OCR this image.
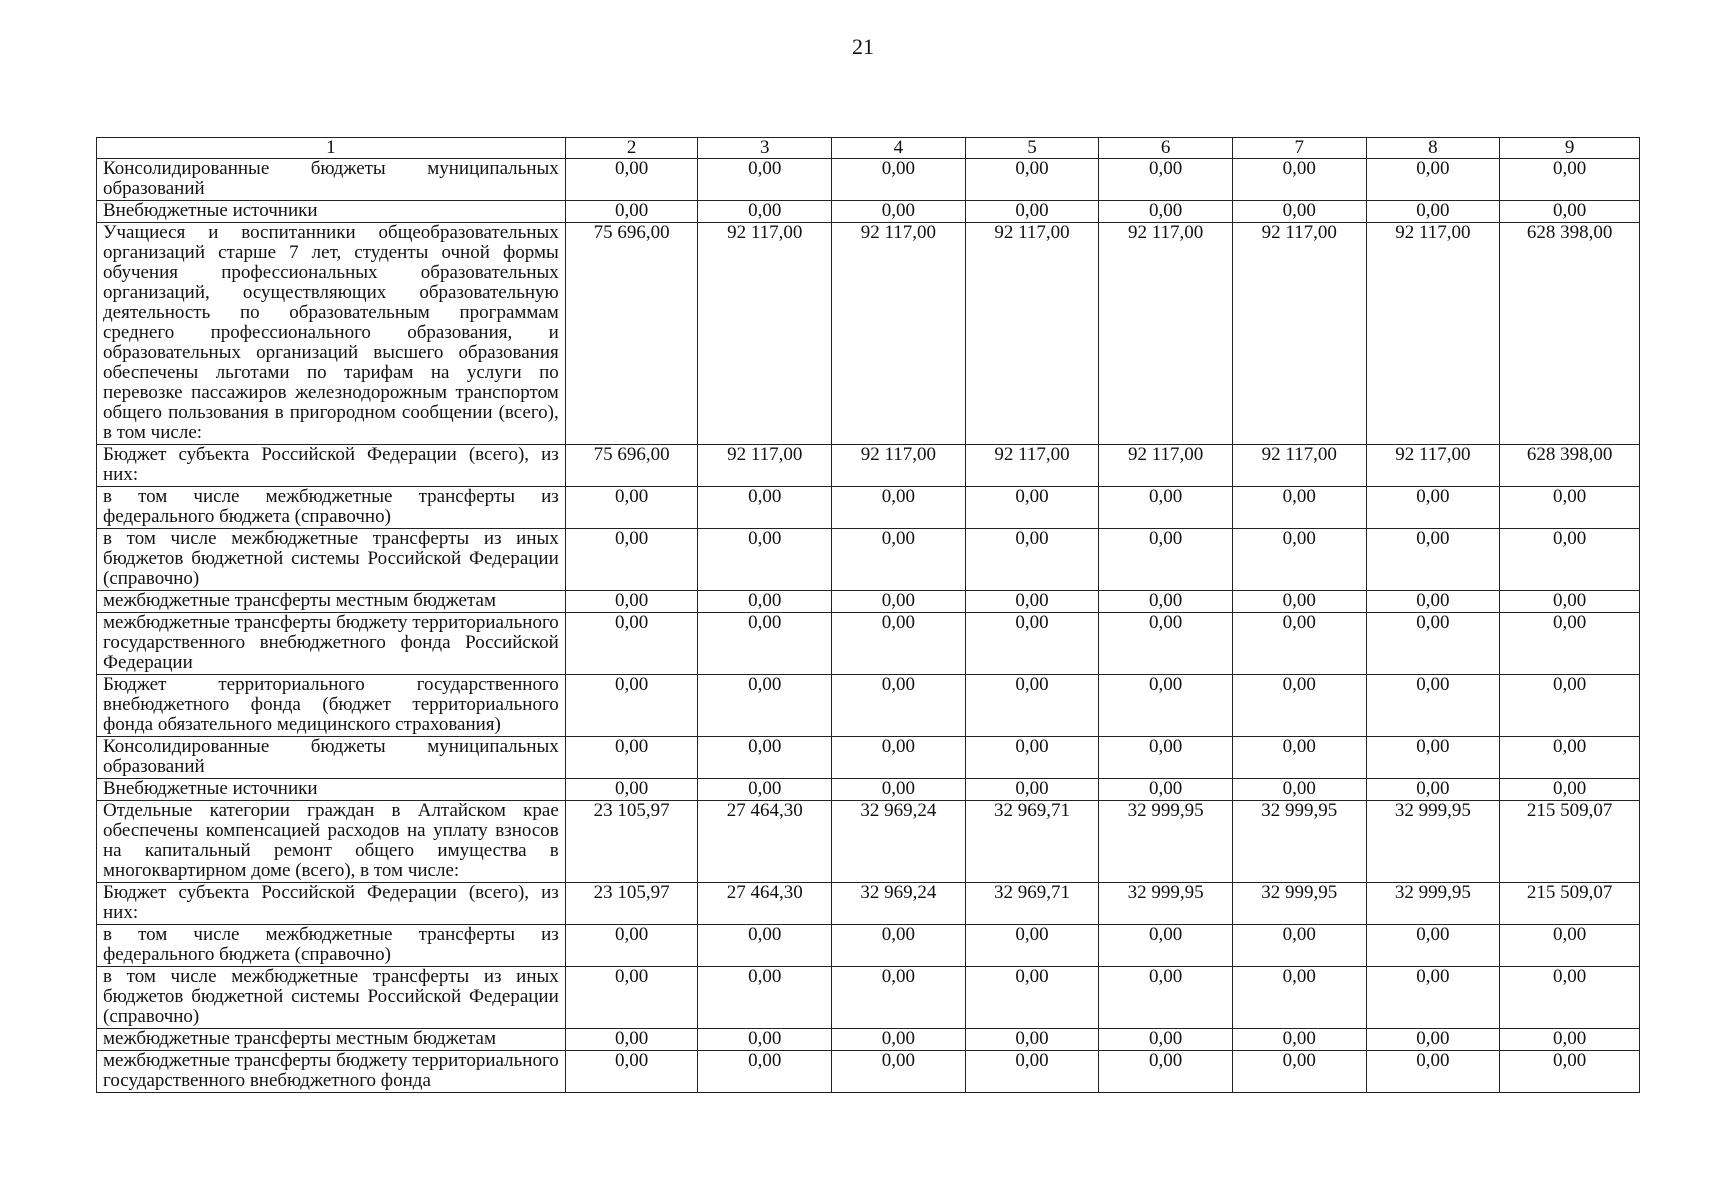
21
1	2	3	4	5	6	7	8	9
Консолидированные бюджеты муниципальных образований	0,00	0,00	0,00	0,00	0,00	0,00	0,00	0,00
Внебюджетные источники	0,00	0,00	0,00	0,00	0,00	0,00	0,00	0,00
Учащиеся и воспитанники общеобразовательных организаций старше 7 лет, студенты очной формы обучения профессиональных образовательных организаций, осуществляющих образовательную деятельность по образовательным программам среднего профессионального образования, и образовательных организаций высшего образования обеспечены льготами по тарифам на услуги по перевозке пассажиров железнодорожным транспортом общего пользования в пригородном сообщении (всего), в том числе:	75 696,00	92 117,00	92 117,00	92 117,00	92 117,00	92 117,00	92 117,00	628 398,00
Бюджет субъекта Российской Федерации (всего), из них:	75 696,00	92 117,00	92 117,00	92 117,00	92 117,00	92 117,00	92 117,00	628 398,00
в том числе межбюджетные трансферты из федерального бюджета (справочно)	0,00	0,00	0,00	0,00	0,00	0,00	0,00	0,00
в том числе межбюджетные трансферты из иных бюджетов бюджетной системы Российской Федерации (справочно)	0,00	0,00	0,00	0,00	0,00	0,00	0,00	0,00
межбюджетные трансферты местным бюджетам	0,00	0,00	0,00	0,00	0,00	0,00	0,00	0,00
межбюджетные трансферты бюджету территориального государственного внебюджетного фонда Российской Федерации	0,00	0,00	0,00	0,00	0,00	0,00	0,00	0,00
Бюджет территориального государственного внебюджетного фонда (бюджет территориального фонда обязательного медицинского страхования)	0,00	0,00	0,00	0,00	0,00	0,00	0,00	0,00
Консолидированные бюджеты муниципальных образований	0,00	0,00	0,00	0,00	0,00	0,00	0,00	0,00
Внебюджетные источники	0,00	0,00	0,00	0,00	0,00	0,00	0,00	0,00
Отдельные категории граждан в Алтайском крае обеспечены компенсацией расходов на уплату взносов на капитальный ремонт общего имущества в многоквартирном доме (всего), в том числе:	23 105,97	27 464,30	32 969,24	32 969,71	32 999,95	32 999,95	32 999,95	215 509,07
Бюджет субъекта Российской Федерации (всего), из них:	23 105,97	27 464,30	32 969,24	32 969,71	32 999,95	32 999,95	32 999,95	215 509,07
в том числе межбюджетные трансферты из федерального бюджета (справочно)	0,00	0,00	0,00	0,00	0,00	0,00	0,00	0,00
в том числе межбюджетные трансферты из иных бюджетов бюджетной системы Российской Федерации (справочно)	0,00	0,00	0,00	0,00	0,00	0,00	0,00	0,00
межбюджетные трансферты местным бюджетам	0,00	0,00	0,00	0,00	0,00	0,00	0,00	0,00
межбюджетные трансферты бюджету территориального государственного внебюджетного фонда	0,00	0,00	0,00	0,00	0,00	0,00	0,00	0,00
